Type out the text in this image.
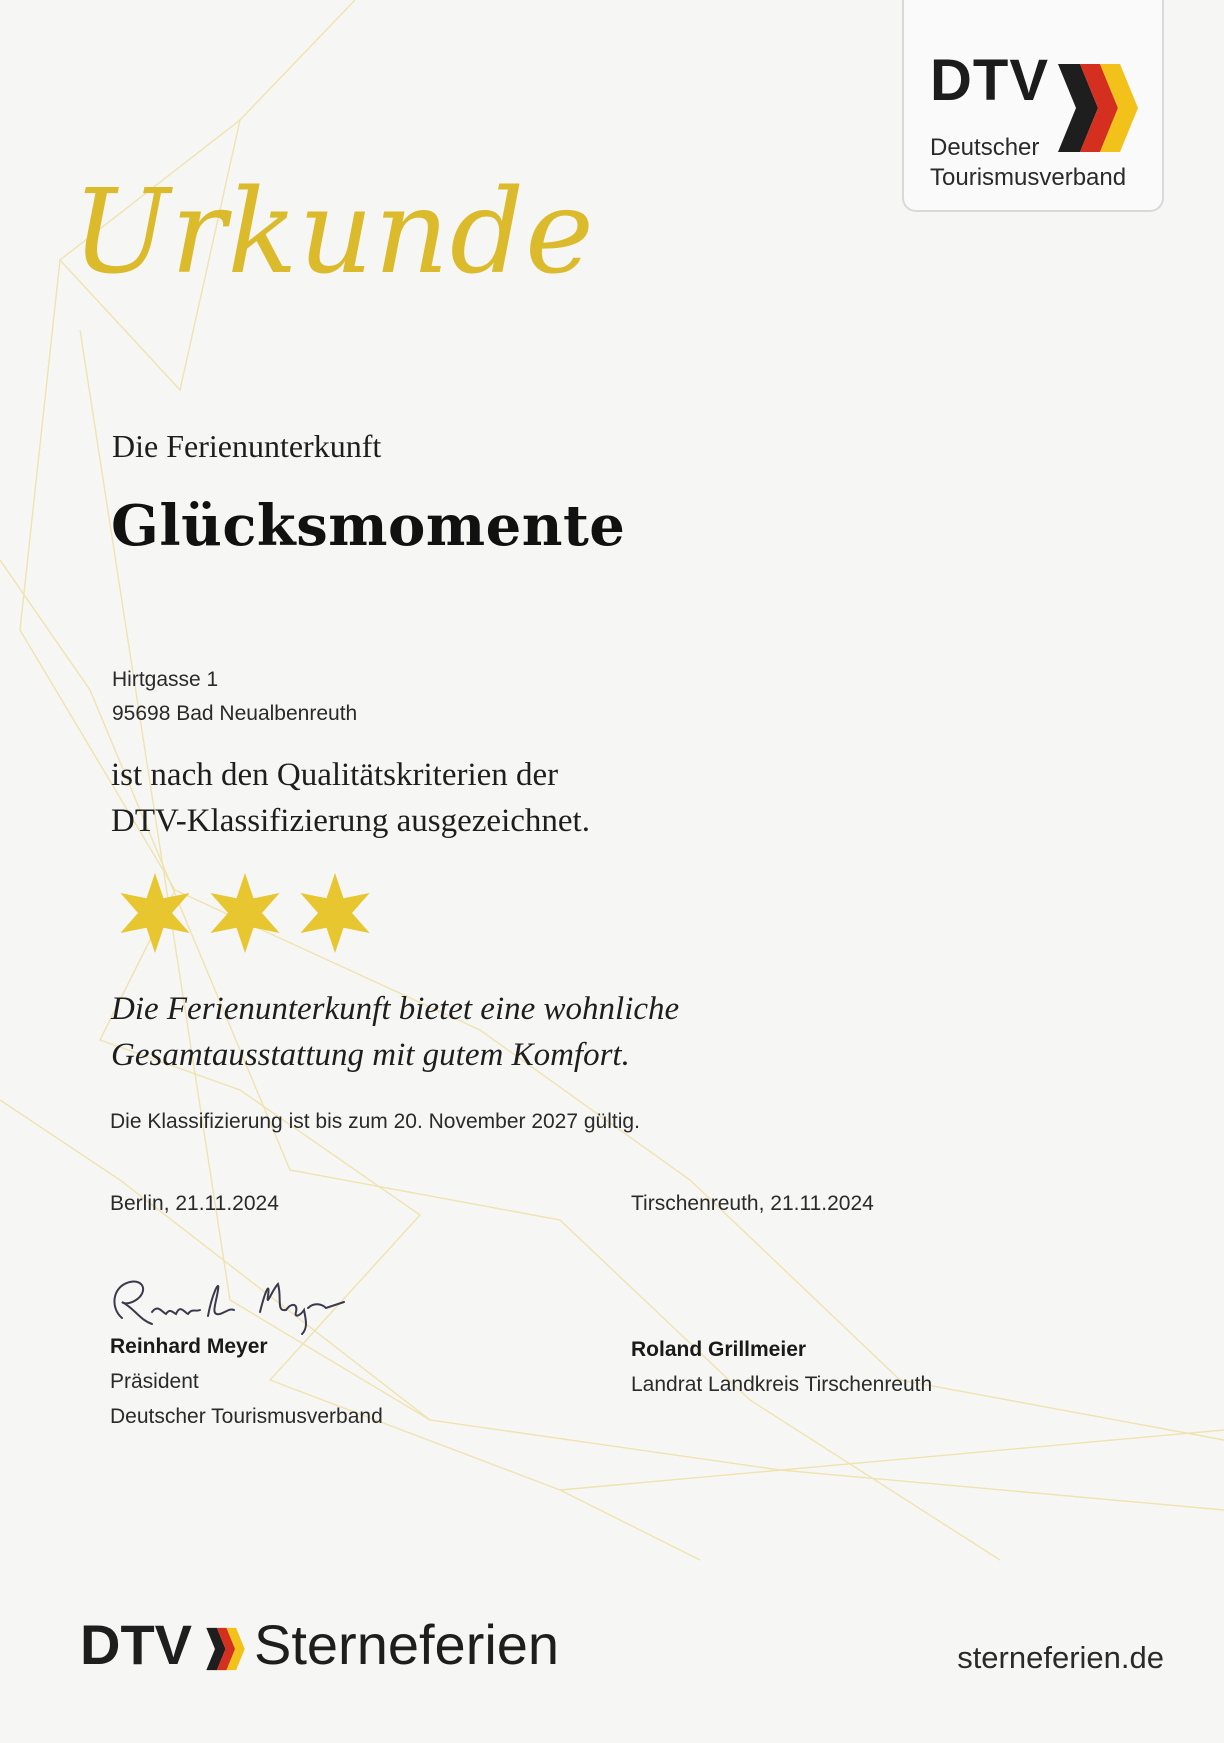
DTV
Deutscher
Tourismusverband
Urkunde
Die Ferienunterkunft
Glücksmomente
Hirtgasse 1
95698 Bad Neualbenreuth
ist nach den Qualitätskriterien der
DTV-Klassifizierung ausgezeichnet.
Die Ferienunterkunft bietet eine wohnliche
Gesamtausstattung mit gutem Komfort.
Die Klassifizierung ist bis zum 20. November 2027 gültig.
Berlin, 21.11.2024	Tirschenreuth, 21.11.2024
Reinhard Meyer
Präsident
Deutscher Tourismusverband
Roland Grillmeier
Landrat Landkreis Tirschenreuth
DTV Sterneferien	sterneferien.de
